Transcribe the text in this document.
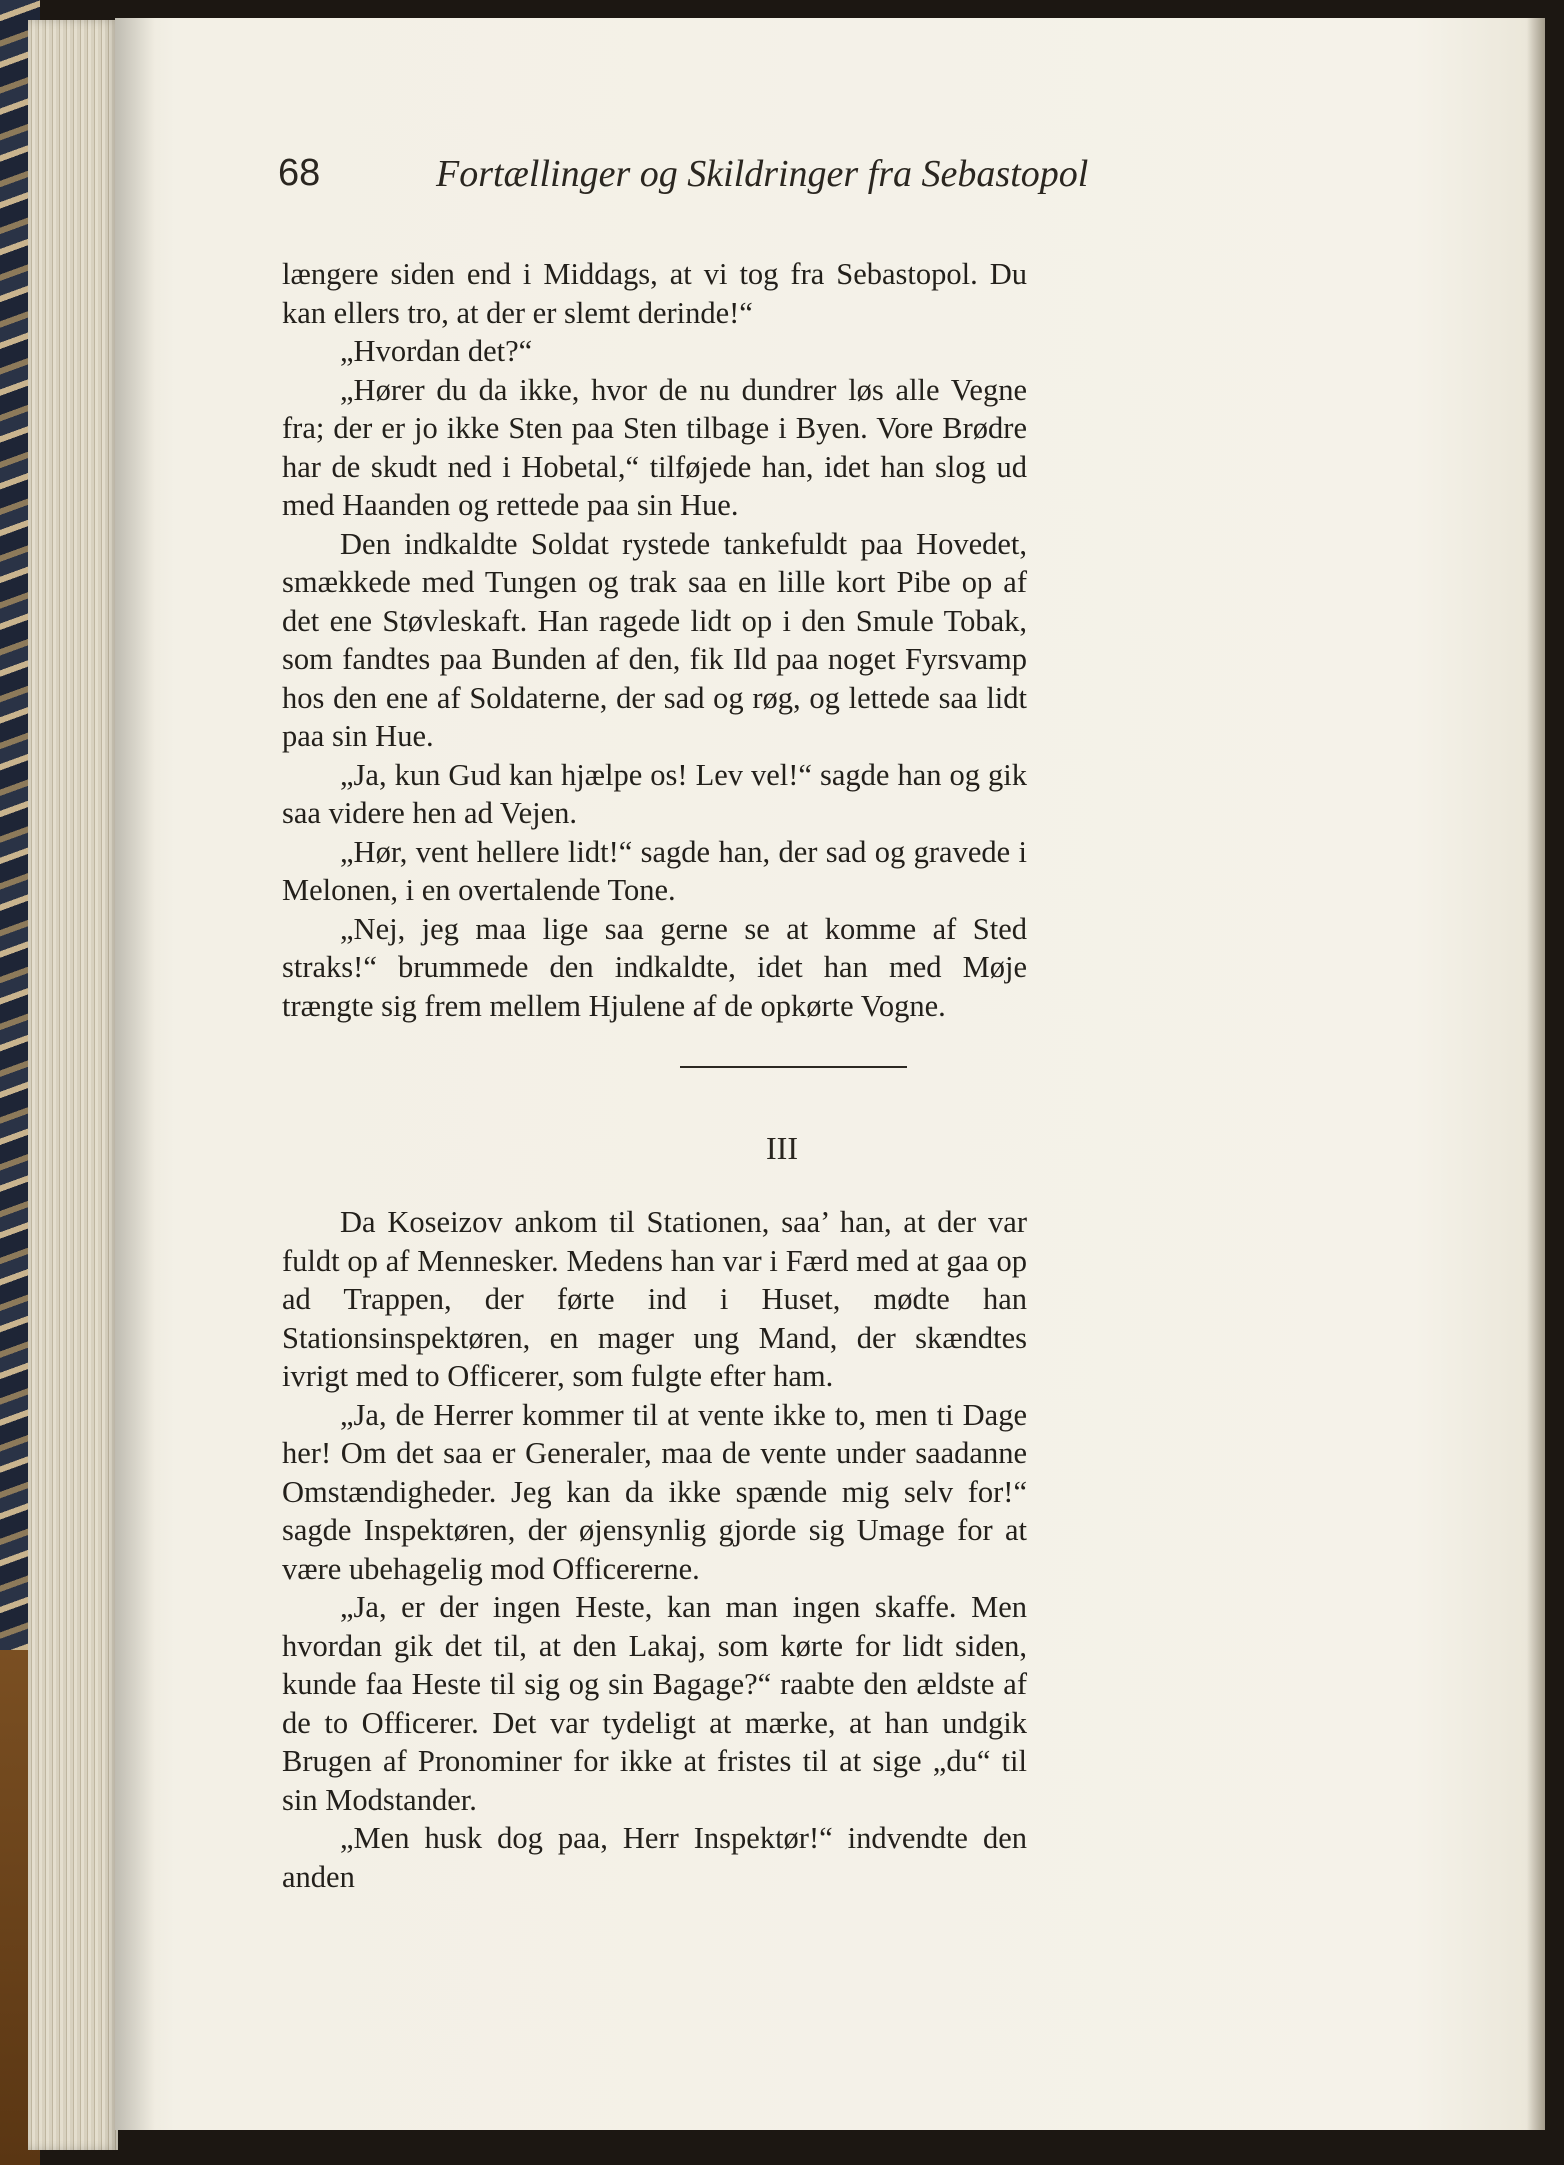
68	Fortællinger og Skildringer fra Sebastopol

længere siden end i Middags, at vi tog fra Sebastopol. Du kan ellers tro, at der er slemt derinde!“

„Hvordan det?“

„Hører du da ikke, hvor de nu dundrer løs alle Vegne fra; der er jo ikke Sten paa Sten tilbage i Byen. Vore Brødre har de skudt ned i Hobetal,“ tilføjede han, idet han slog ud med Haanden og rettede paa sin Hue.

Den indkaldte Soldat rystede tankefuldt paa Hovedet, smækkede med Tungen og trak saa en lille kort Pibe op af det ene Støvleskaft. Han ragede lidt op i den Smule Tobak, som fandtes paa Bunden af den, fik Ild paa noget Fyrsvamp hos den ene af Soldaterne, der sad og røg, og lettede saa lidt paa sin Hue.

„Ja, kun Gud kan hjælpe os! Lev vel!“ sagde han og gik saa videre hen ad Vejen.

„Hør, vent hellere lidt!“ sagde han, der sad og gravede i Melonen, i en overtalende Tone.

„Nej, jeg maa lige saa gerne se at komme af Sted straks!“ brummede den indkaldte, idet han med Møje trængte sig frem mellem Hjulene af de opkørte Vogne.

III

Da Koseizov ankom til Stationen, saa’ han, at der var fuldt op af Mennesker. Medens han var i Færd med at gaa op ad Trappen, der førte ind i Huset, mødte han Stationsinspektøren, en mager ung Mand, der skændtes ivrigt med to Officerer, som fulgte efter ham.

„Ja, de Herrer kommer til at vente ikke to, men ti Dage her! Om det saa er Generaler, maa de vente under saadanne Omstændigheder. Jeg kan da ikke spænde mig selv for!“ sagde Inspektøren, der øjensynlig gjorde sig Umage for at være ubehagelig mod Officererne.

„Ja, er der ingen Heste, kan man ingen skaffe. Men hvordan gik det til, at den Lakaj, som kørte for lidt siden, kunde faa Heste til sig og sin Bagage?“ raabte den ældste af de to Officerer. Det var tydeligt at mærke, at han undgik Brugen af Pronominer for ikke at fristes til at sige „du“ til sin Modstander.

„Men husk dog paa, Herr Inspektør!“ indvendte den anden
